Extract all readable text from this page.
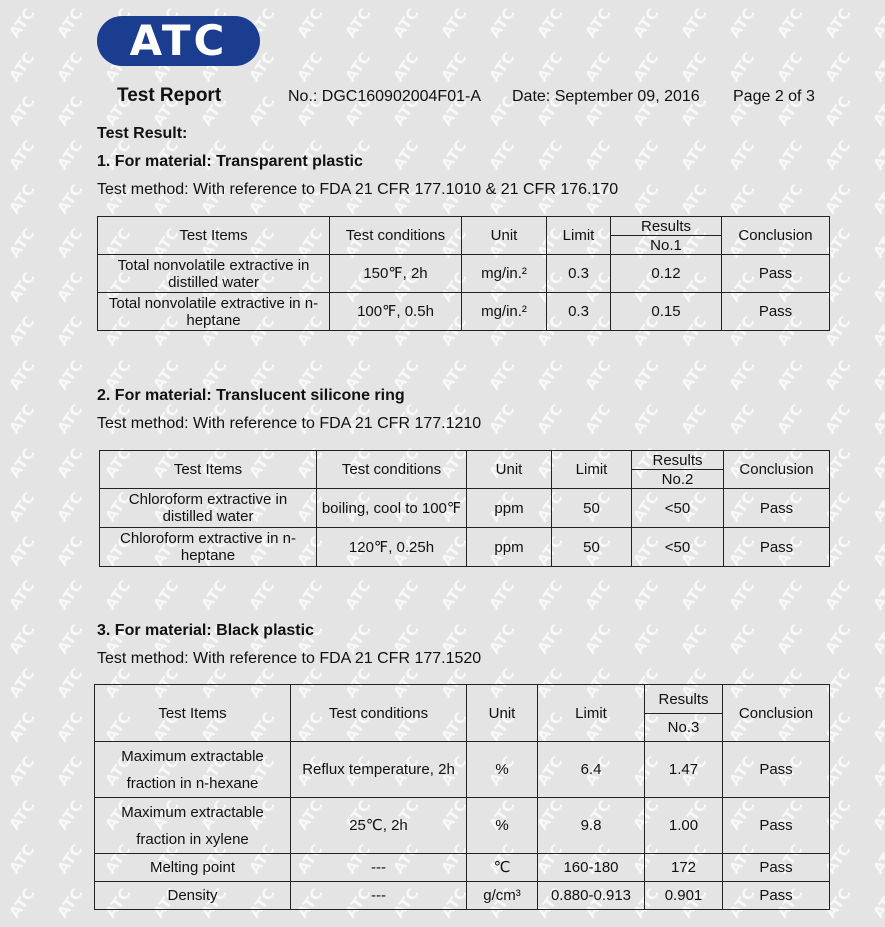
ATC
Test Report	No.: DGC160902004F01-A Date: September 09, 2016 Page 2 of 3
Test Result:
1. For material: Transparent plastic
Test method: With reference to FDA 21 CFR 177.1010 & 21 CFR 176.170
Test Items	Test conditions	Unit	Limit	Results	Conclusion
				No.1	
Total nonvolatile extractive in distilled water	150℉, 2h	mg/in.²	0.3	0.12	Pass
Total nonvolatile extractive in n-heptane	100℉, 0.5h	mg/in.²	0.3	0.15	Pass
2. For material: Translucent silicone ring
Test method: With reference to FDA 21 CFR 177.1210
Test Items	Test conditions	Unit	Limit	Results	Conclusion
				No.2	
Chloroform extractive in distilled water	boiling, cool to 100℉	ppm	50	<50	Pass
Chloroform extractive in n-heptane	120℉, 0.25h	ppm	50	<50	Pass
3. For material: Black plastic
Test method: With reference to FDA 21 CFR 177.1520
Test Items	Test conditions	Unit	Limit	Results	Conclusion
				No.3	
Maximum extractable fraction in n-hexane	Reflux temperature, 2h	%	6.4	1.47	Pass
Maximum extractable fraction in xylene	25℃, 2h	%	9.8	1.00	Pass
Melting point	---	℃	160-180	172	Pass
Density	---	g/cm³	0.880-0.913	0.901	Pass
